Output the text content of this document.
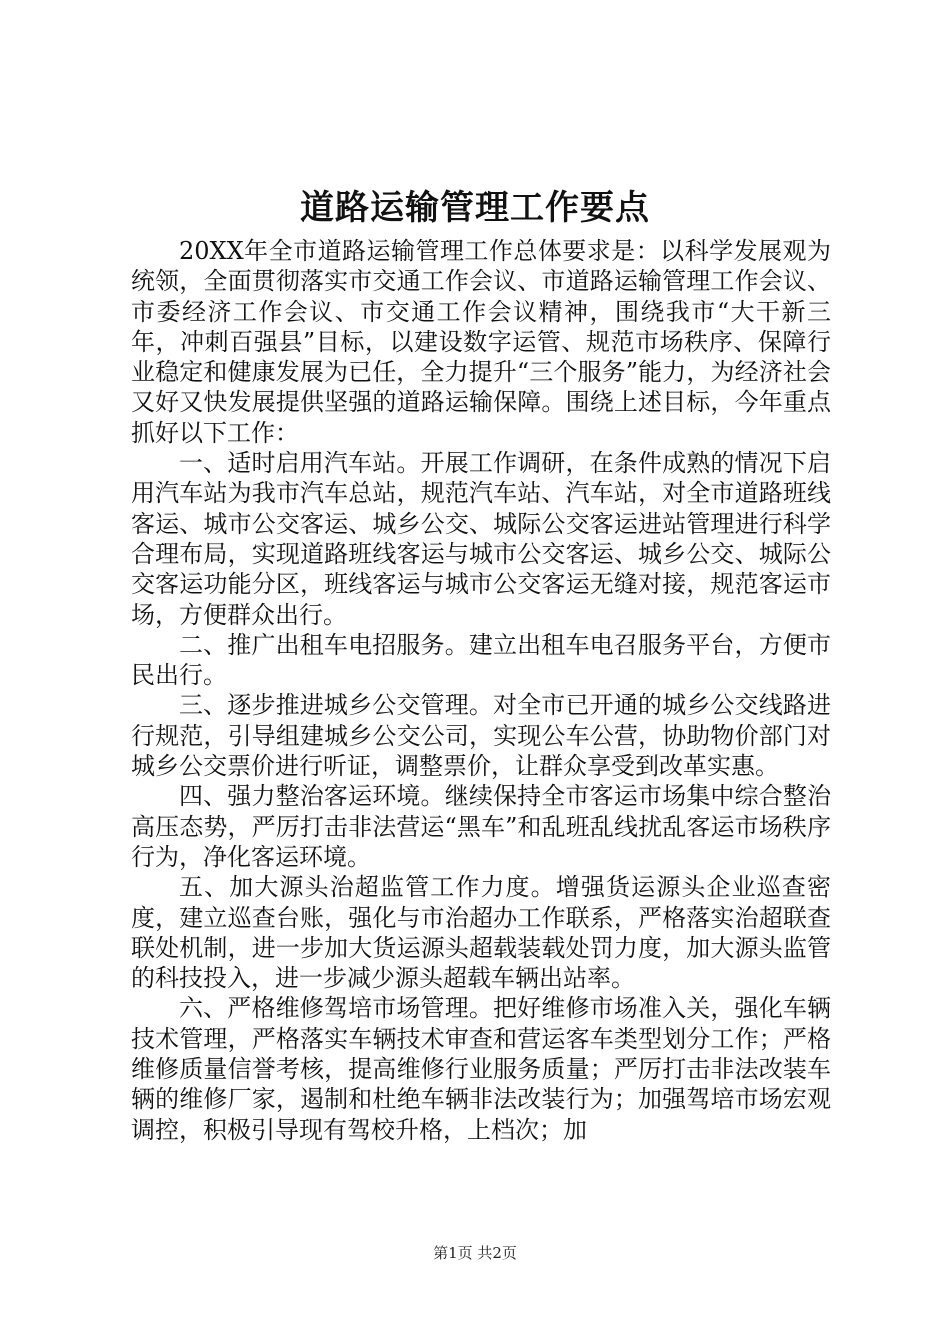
道路运输管理工作要点

20XX年全市道路运输管理工作总体要求是：以科学发展观为统领，全面贯彻落实市交通工作会议、市道路运输管理工作会议、市委经济工作会议、市交通工作会议精神，围绕我市“大干新三年，冲刺百强县”目标，以建设数字运管、规范市场秩序、保障行业稳定和健康发展为已任，全力提升“三个服务”能力，为经济社会又好又快发展提供坚强的道路运输保障。围绕上述目标，今年重点抓好以下工作：

一、适时启用汽车站。开展工作调研，在条件成熟的情况下启用汽车站为我市汽车总站，规范汽车站、汽车站，对全市道路班线客运、城市公交客运、城乡公交、城际公交客运进站管理进行科学合理布局，实现道路班线客运与城市公交客运、城乡公交、城际公交客运功能分区，班线客运与城市公交客运无缝对接，规范客运市场，方便群众出行。

二、推广出租车电招服务。建立出租车电召服务平台，方便市民出行。

三、逐步推进城乡公交管理。对全市已开通的城乡公交线路进行规范，引导组建城乡公交公司，实现公车公营，协助物价部门对城乡公交票价进行听证，调整票价，让群众享受到改革实惠。

四、强力整治客运环境。继续保持全市客运市场集中综合整治高压态势，严厉打击非法营运“黑车”和乱班乱线扰乱客运市场秩序行为，净化客运环境。

五、加大源头治超监管工作力度。增强货运源头企业巡查密度，建立巡查台账，强化与市治超办工作联系，严格落实治超联查联处机制，进一步加大货运源头超载装载处罚力度，加大源头监管的科技投入，进一步减少源头超载车辆出站率。

六、严格维修驾培市场管理。把好维修市场准入关，强化车辆技术管理，严格落实车辆技术审查和营运客车类型划分工作；严格维修质量信誉考核，提高维修行业服务质量；严厉打击非法改装车辆的维修厂家，遏制和杜绝车辆非法改装行为；加强驾培市场宏观调控，积极引导现有驾校升格，上档次；加

第1页 共2页
